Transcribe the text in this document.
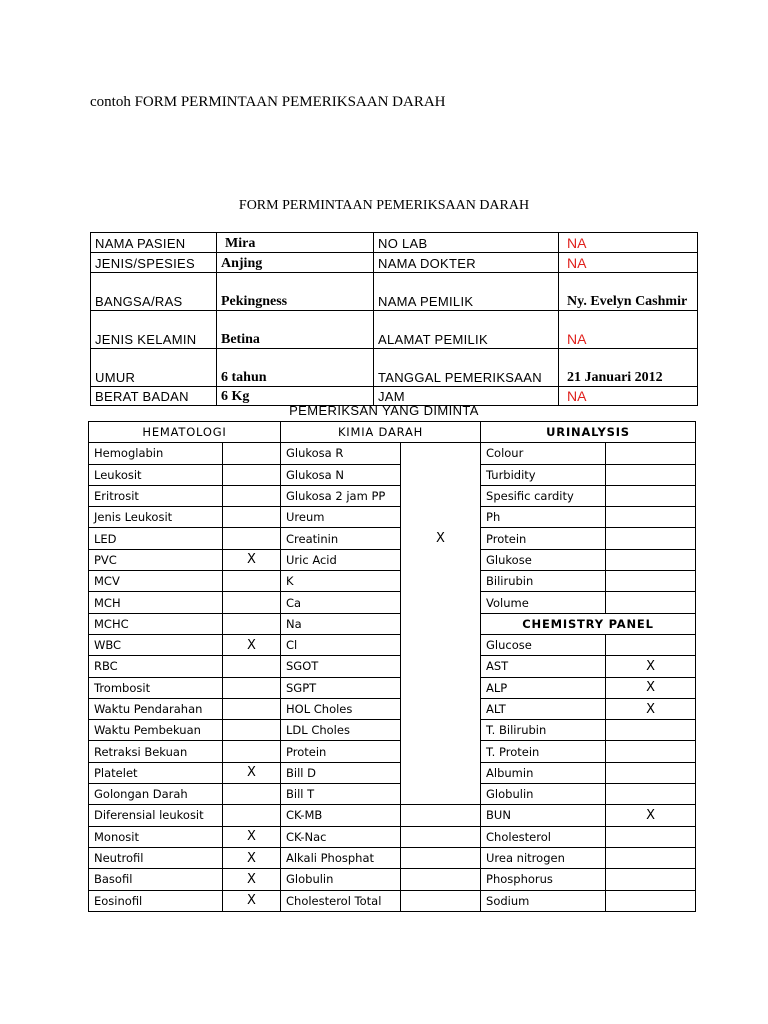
contoh FORM PERMINTAAN PEMERIKSAAN DARAH
FORM PERMINTAAN PEMERIKSAAN DARAH
NAMA PASIEN	Mira	NO LAB	NA
JENIS/SPESIES	Anjing	NAMA DOKTER	NA
BANGSA/RAS	Pekingness	NAMA PEMILIK	Ny. Evelyn Cashmir
JENIS KELAMIN	Betina	ALAMAT PEMILIK	NA
UMUR	6 tahun	TANGGAL PEMERIKSAAN	21 Januari 2012
BERAT BADAN	6 Kg	JAM	NA
PEMERIKSAN YANG DIMINTA
HEMATOLOGI		KIMIA DARAH		URINALYSIS	
Hemoglabin		Glukosa R		Colour	
Leukosit		Glukosa N		Turbidity	
Eritrosit		Glukosa 2 jam PP		Spesific cardity	
Jenis Leukosit		Ureum		Ph	
LED		Creatinin	X	Protein	
PVC	X	Uric Acid		Glukose	
MCV		K		Bilirubin	
MCH		Ca		Volume	
MCHC		Na		CHEMISTRY PANEL	
WBC	X	Cl		Glucose	
RBC		SGOT		AST	X
Trombosit		SGPT		ALP	X
Waktu Pendarahan		HOL Choles		ALT	X
Waktu Pembekuan		LDL Choles		T. Bilirubin	
Retraksi Bekuan		Protein		T. Protein	
Platelet	X	Bill D		Albumin	
Golongan Darah		Bill T		Globulin	
Diferensial leukosit		CK-MB		BUN	X
Monosit	X	CK-Nac		Cholesterol	
Neutrofil	X	Alkali Phosphat		Urea nitrogen	
Basofil	X	Globulin		Phosphorus	
Eosinofil	X	Cholesterol Total		Sodium	
